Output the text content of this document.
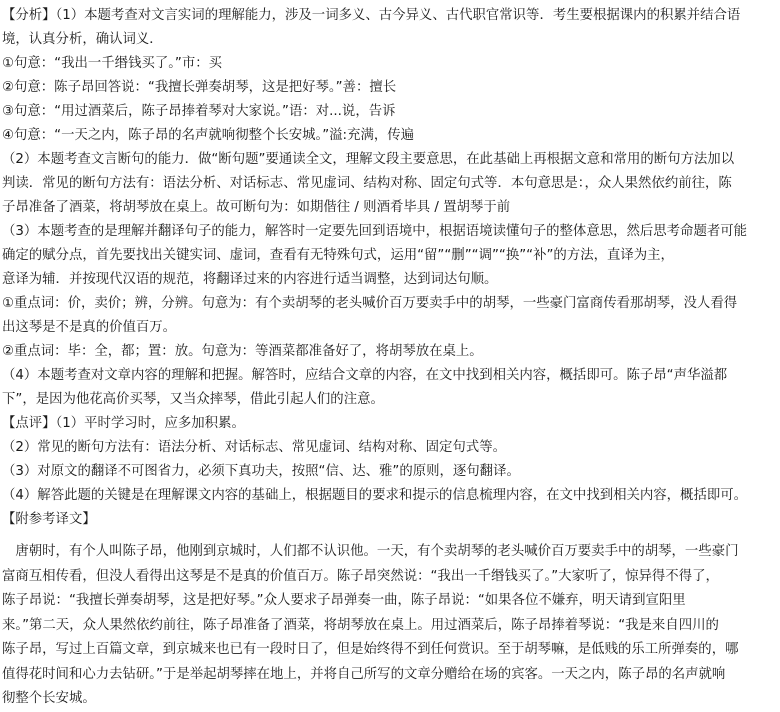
【分析】（1）本题考查对文言实词的理解能力，涉及一词多义、古今异义、古代职官常识等．考生要根据课内的积累并结合语
境，认真分析，确认词义．
①句意：“我出一千缗钱买了。”市：买
②句意：陈子昂回答说：“我擅长弹奏胡琴，这是把好琴。”善：擅长
③句意：“用过酒菜后，陈子昂捧着琴对大家说。”语：对...说，告诉
④句意：“一天之内，陈子昂的名声就响彻整个长安城。”溢:充满，传遍
（2）本题考查文言断句的能力．做“断句题”要通读全文，理解文段主要意思，在此基础上再根据文意和常用的断句方法加以
判读．常见的断句方法有：语法分析、对话标志、常见虚词、结构对称、固定句式等．本句意思是：，众人果然依约前往，陈
子昂准备了酒菜，将胡琴放在桌上。故可断句为：如期偕往 / 则酒肴毕具 / 置胡琴于前
（3）本题考查的是理解并翻译句子的能力，解答时一定要先回到语境中，根据语境读懂句子的整体意思，然后思考命题者可能
确定的赋分点，首先要找出关键实词、虚词，查看有无特殊句式，运用“留”“删”“调”“换”“补”的方法，直译为主，
意译为辅．并按现代汉语的规范，将翻译过来的内容进行适当调整，达到词达句顺。
①重点词：价，卖价；辨，分辨。句意为：有个卖胡琴的老头喊价百万要卖手中的胡琴，一些豪门富商传看那胡琴，没人看得
出这琴是不是真的价值百万。
②重点词：毕：全，都；置：放。句意为：等酒菜都准备好了，将胡琴放在桌上。
（4）本题考查对文章内容的理解和把握。解答时，应结合文章的内容，在文中找到相关内容，概括即可。陈子昂“声华溢都
下”，是因为他花高价买琴，又当众摔琴，借此引起人们的注意。
【点评】（1）平时学习时，应多加积累。
（2）常见的断句方法有：语法分析、对话标志、常见虚词、结构对称、固定句式等。
（3）对原文的翻译不可图省力，必须下真功夫，按照“信、达、雅”的原则，逐句翻译。
（4）解答此题的关键是在理解课文内容的基础上，根据题目的要求和提示的信息梳理内容，在文中找到相关内容，概括即可。
【附参考译文】
　唐朝时，有个人叫陈子昂，他刚到京城时，人们都不认识他。一天，有个卖胡琴的老头喊价百万要卖手中的胡琴，一些豪门
富商互相传看，但没人看得出这琴是不是真的价值百万。陈子昂突然说：“我出一千缗钱买了。”大家听了，惊异得不得了，
陈子昂说：“我擅长弹奏胡琴，这是把好琴。”众人要求子昂弹奏一曲，陈子昂说：“如果各位不嫌弃，明天请到宣阳里
来。”第二天，众人果然依约前往，陈子昂准备了酒菜，将胡琴放在桌上。用过酒菜后，陈子昂捧着琴说：“我是来自四川的
陈子昂，写过上百篇文章，到京城来也已有一段时日了，但是始终得不到任何赏识。至于胡琴嘛，是低贱的乐工所弹奏的，哪
值得花时间和心力去钻研。”于是举起胡琴摔在地上，并将自己所写的文章分赠给在场的宾客。一天之内，陈子昂的名声就响
彻整个长安城。
